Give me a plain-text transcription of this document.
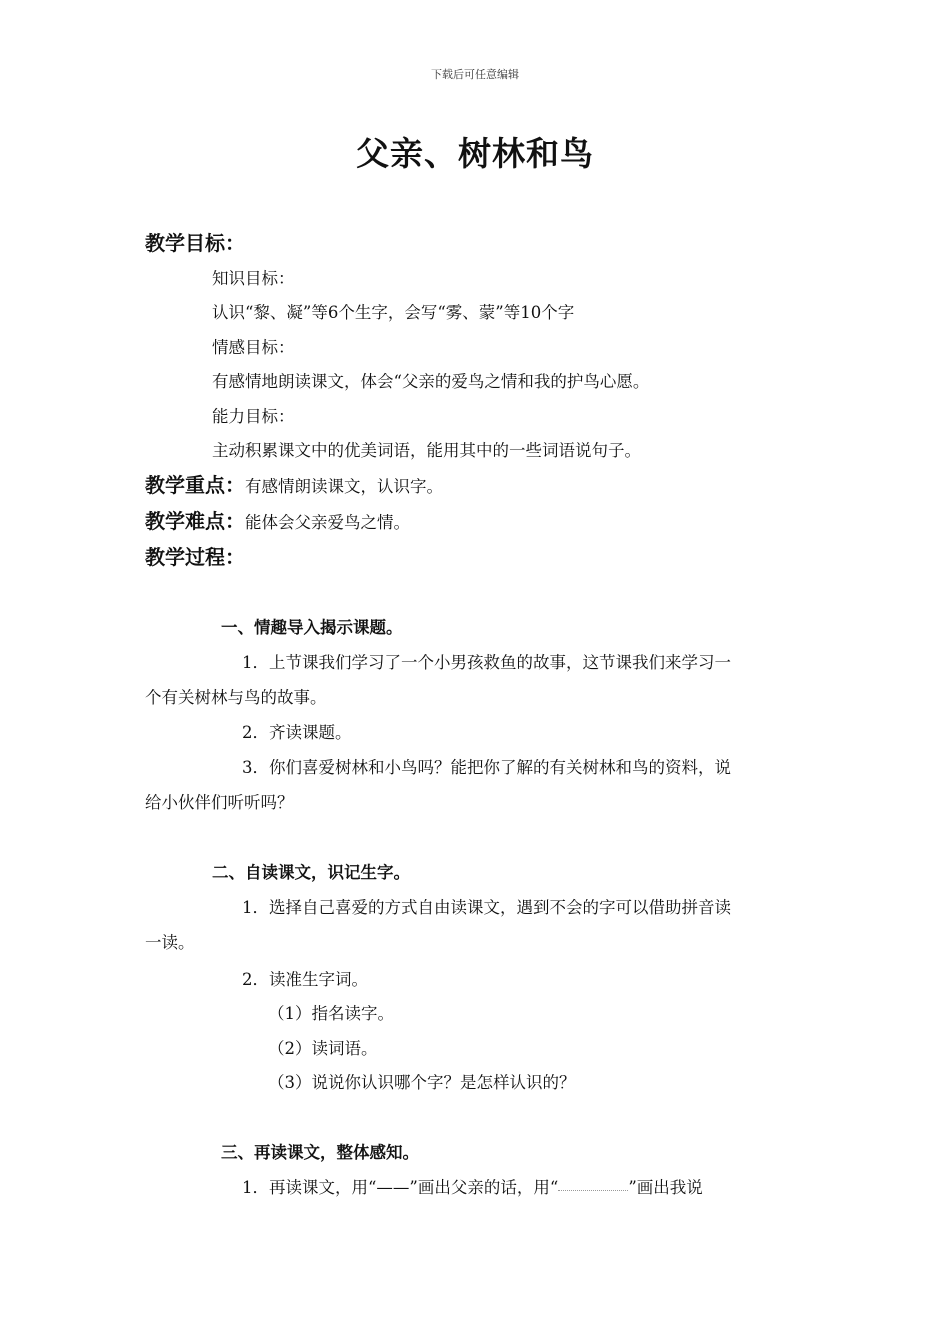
下载后可任意编辑
父亲、树林和鸟
教学目标：
知识目标：
认识“黎、凝”等6个生字，会写“雾、蒙”等10个字
情感目标：
有感情地朗读课文，体会“父亲的爱鸟之情和我的护鸟心愿。
能力目标：
主动积累课文中的优美词语，能用其中的一些词语说句子。
教学重点：有感情朗读课文，认识字。
教学难点：能体会父亲爱鸟之情。
教学过程：
一、情趣导入揭示课题。
1．上节课我们学习了一个小男孩救鱼的故事，这节课我们来学习一
个有关树林与鸟的故事。
2．齐读课题。
3．你们喜爱树林和小鸟吗？能把你了解的有关树林和鸟的资料，说
给小伙伴们听听吗？
二、自读课文，识记生字。
1．选择自己喜爱的方式自由读课文，遇到不会的字可以借助拼音读
一读。
2．读准生字词。
（1）指名读字。
（2）读词语。
（3）说说你认识哪个字？是怎样认识的？
三、再读课文，整体感知。
1．再读课文，用“——”画出父亲的话，用“	”画出我说
